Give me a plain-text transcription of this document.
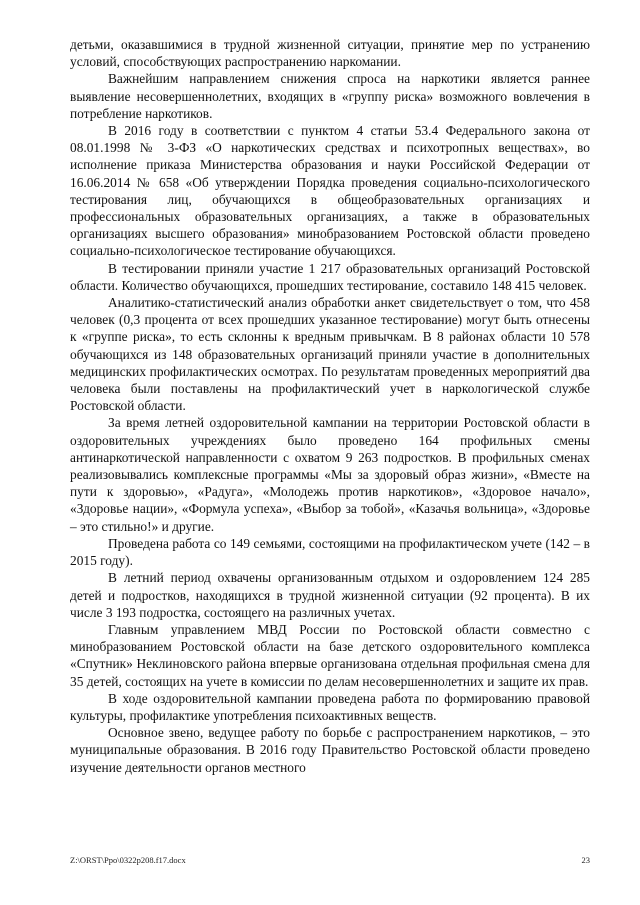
детьми, оказавшимися в трудной жизненной ситуации, принятие мер по устранению условий, способствующих распространению наркомании.

Важнейшим направлением снижения спроса на наркотики является раннее выявление несовершеннолетних, входящих в «группу риска» возможного вовлечения в потребление наркотиков.

В 2016 году в соответствии с пунктом 4 статьи 53.4 Федерального закона от 08.01.1998 № 3-ФЗ «О наркотических средствах и психотропных веществах», во исполнение приказа Министерства образования и науки Российской Федерации от 16.06.2014 № 658 «Об утверждении Порядка проведения социально-психологического тестирования лиц, обучающихся в общеобразовательных организациях и профессиональных образовательных организациях, а также в образовательных организациях высшего образования» минобразованием Ростовской области проведено социально-психологическое тестирование обучающихся.

В тестировании приняли участие 1 217 образовательных организаций Ростовской области. Количество обучающихся, прошедших тестирование, составило 148 415 человек.

Аналитико-статистический анализ обработки анкет свидетельствует о том, что 458 человек (0,3 процента от всех прошедших указанное тестирование) могут быть отнесены к «группе риска», то есть склонны к вредным привычкам. В 8 районах области 10 578 обучающихся из 148 образовательных организаций приняли участие в дополнительных медицинских профилактических осмотрах. По результатам проведенных мероприятий два человека были поставлены на профилактический учет в наркологической службе Ростовской области.

За время летней оздоровительной кампании на территории Ростовской области в оздоровительных учреждениях было проведено 164 профильных смены антинаркотической направленности с охватом 9 263 подростков. В профильных сменах реализовывались комплексные программы «Мы за здоровый образ жизни», «Вместе на пути к здоровью», «Радуга», «Молодежь против наркотиков», «Здоровое начало», «Здоровье нации», «Формула успеха», «Выбор за тобой», «Казачья вольница», «Здоровье – это стильно!» и другие.

Проведена работа со 149 семьями, состоящими на профилактическом учете (142 – в 2015 году).

В летний период охвачены организованным отдыхом и оздоровлением 124 285 детей и подростков, находящихся в трудной жизненной ситуации (92 процента). В их числе 3 193 подростка, состоящего на различных учетах.

Главным управлением МВД России по Ростовской области совместно с минобразованием Ростовской области на базе детского оздоровительного комплекса «Спутник» Неклиновского района впервые организована отдельная профильная смена для 35 детей, состоящих на учете в комиссии по делам несовершеннолетних и защите их прав.

В ходе оздоровительной кампании проведена работа по формированию правовой культуры, профилактике употребления психоактивных веществ.

Основное звено, ведущее работу по борьбе с распространением наркотиков, – это муниципальные образования. В 2016 году Правительство Ростовской области проведено изучение деятельности органов местного

Z:\ORST\Ppo\0322p208.f17.docx	23
